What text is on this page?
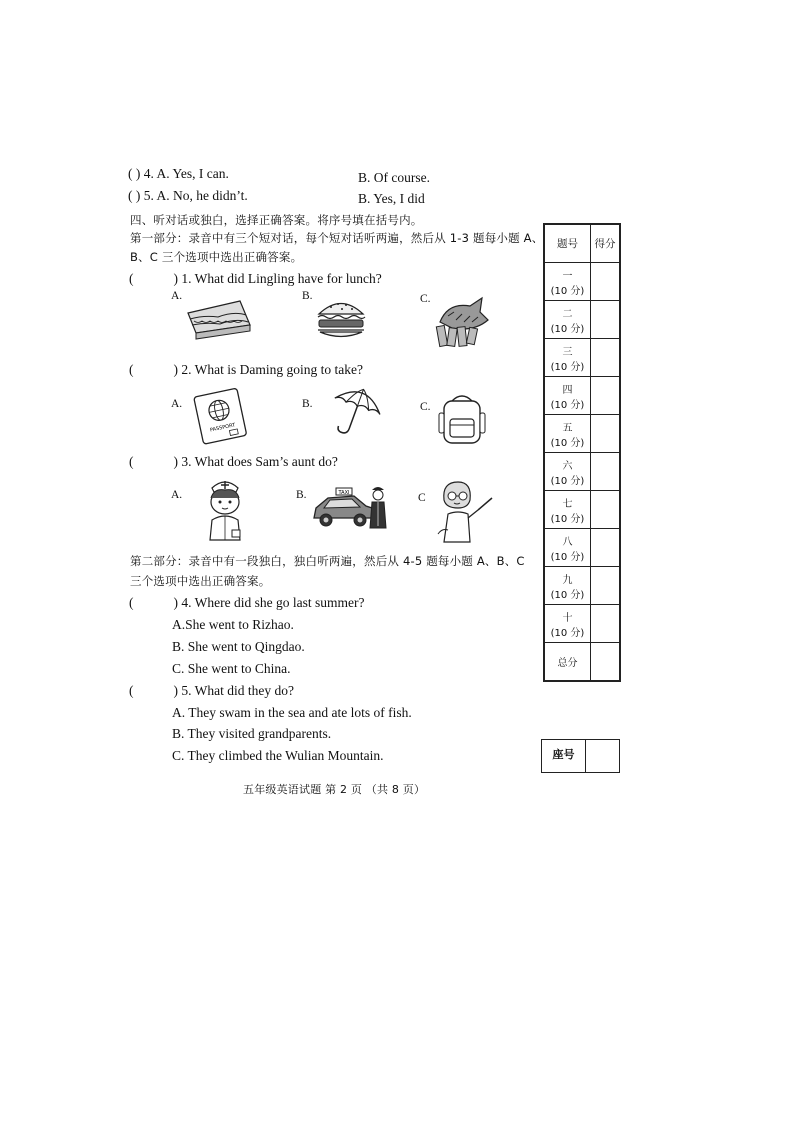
( ) 4. A. Yes, I can.	B. Of course.
( ) 5. A. No, he didn’t.	B. Yes, I did
四、听对话或独白，选择正确答案。将序号填在括号内。
第一部分：录音中有三个短对话，每个短对话听两遍，然后从 1-3 题每小题 A、
B、C 三个选项中选出正确答案。
(	) 1. What did Lingling have for lunch?
A.	B.	C.
(	) 2. What is Daming going to take?
A.	B.	C.
PASSPORT
(	) 3. What does Sam’s aunt do?
A.	B.	C
TAXI
第二部分：录音中有一段独白，独白听两遍，然后从 4-5 题每小题 A、B、C
三个选项中选出正确答案。
(	) 4. Where did she go last summer?
A.She went to Rizhao.
B. She went to Qingdao.
C. She went to China.
(	) 5. What did they do?
A. They swam in the sea and ate lots of fish.
B. They visited grandparents.
C. They climbed the Wulian Mountain.
五年级英语试题 第 2 页 （共 8 页）
题号	得分

一
(10 分)	

二
(10 分)	

三
(10 分)	

四
(10 分)	

五
(10 分)	

六
(10 分)	

七
(10 分)	

八
(10 分)	

九
(10 分)	

十
(10 分)	

总分	
座号
